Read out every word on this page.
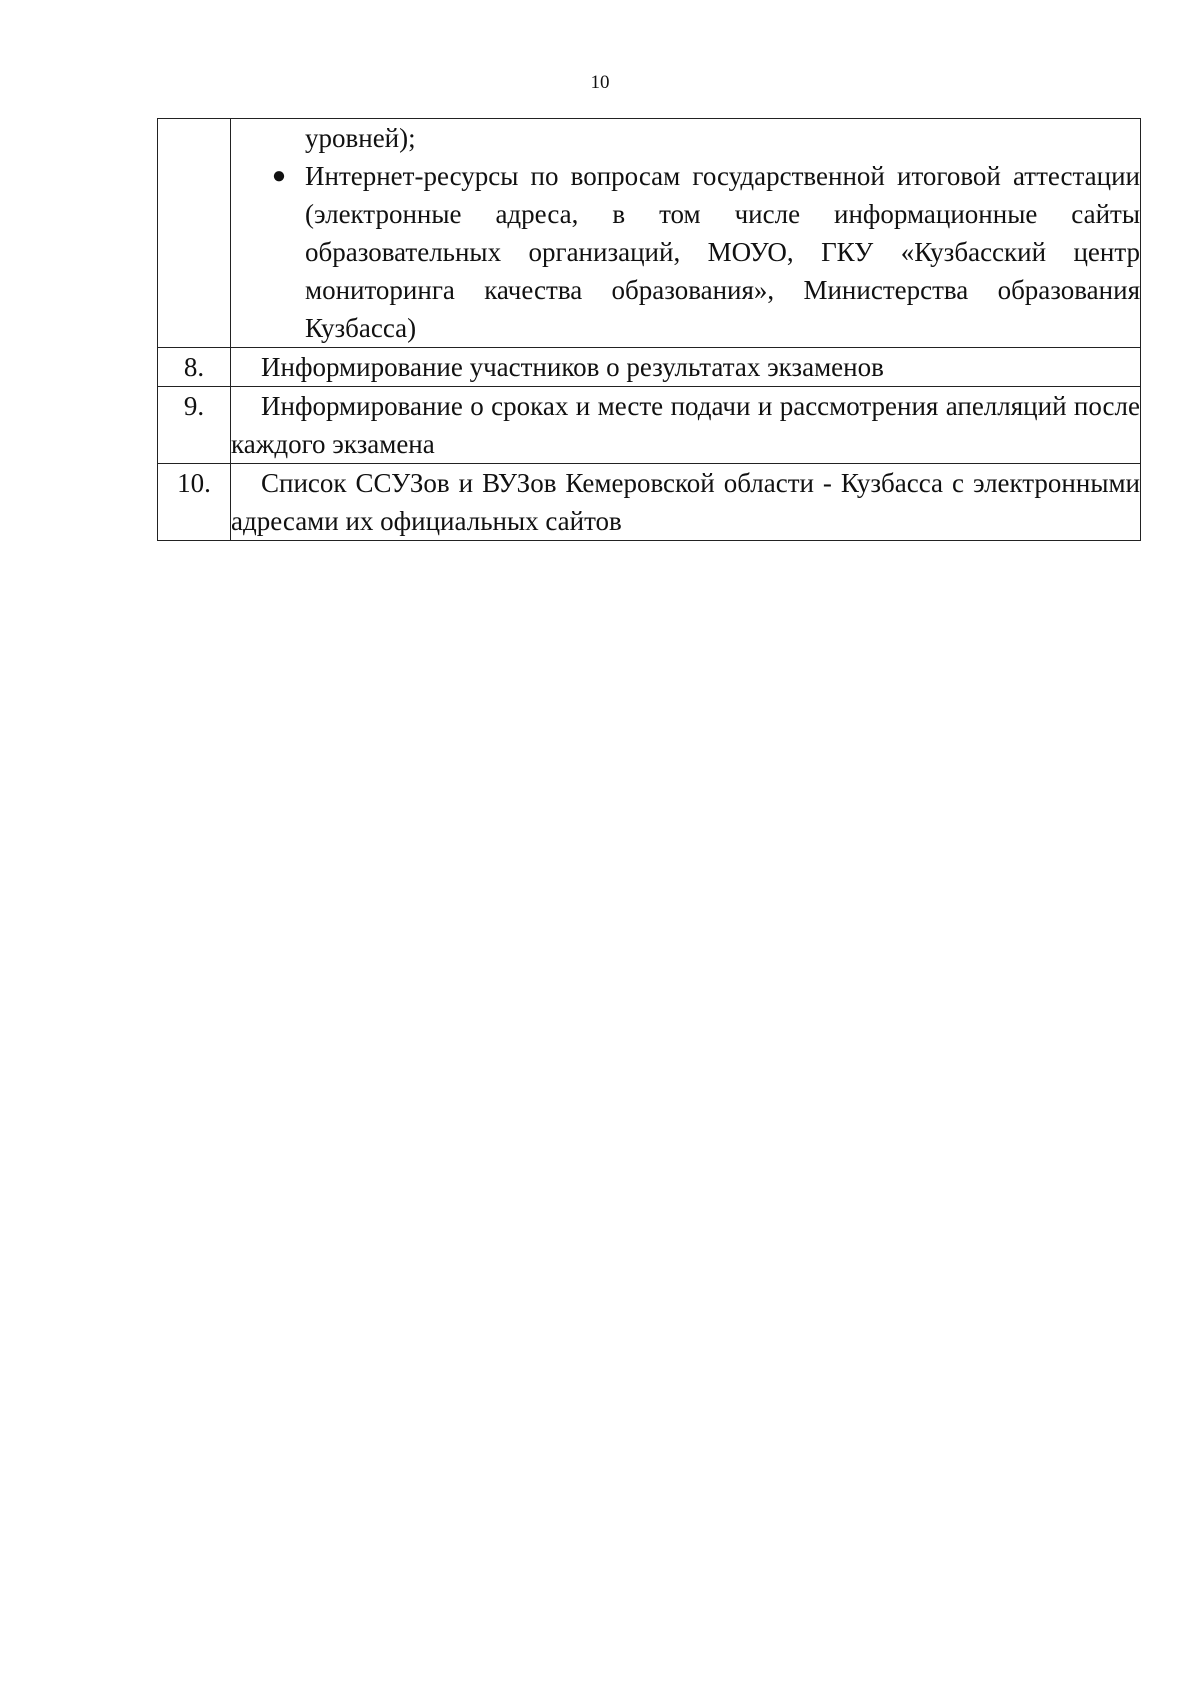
10

	уровней);
● Интернет-ресурсы по вопросам государственной итоговой аттестации (электронные адреса, в том числе информационные сайты образовательных организаций, МОУО, ГКУ «Кузбасский центр мониторинга качества образования», Министерства образования Кузбасса)

8.	Информирование участников о результатах экзаменов
9.	Информирование о сроках и месте подачи и рассмотрения апелляций после каждого экзамена
10.	Список ССУЗов и ВУЗов Кемеровской области - Кузбасса с электронными адресами их официальных сайтов
